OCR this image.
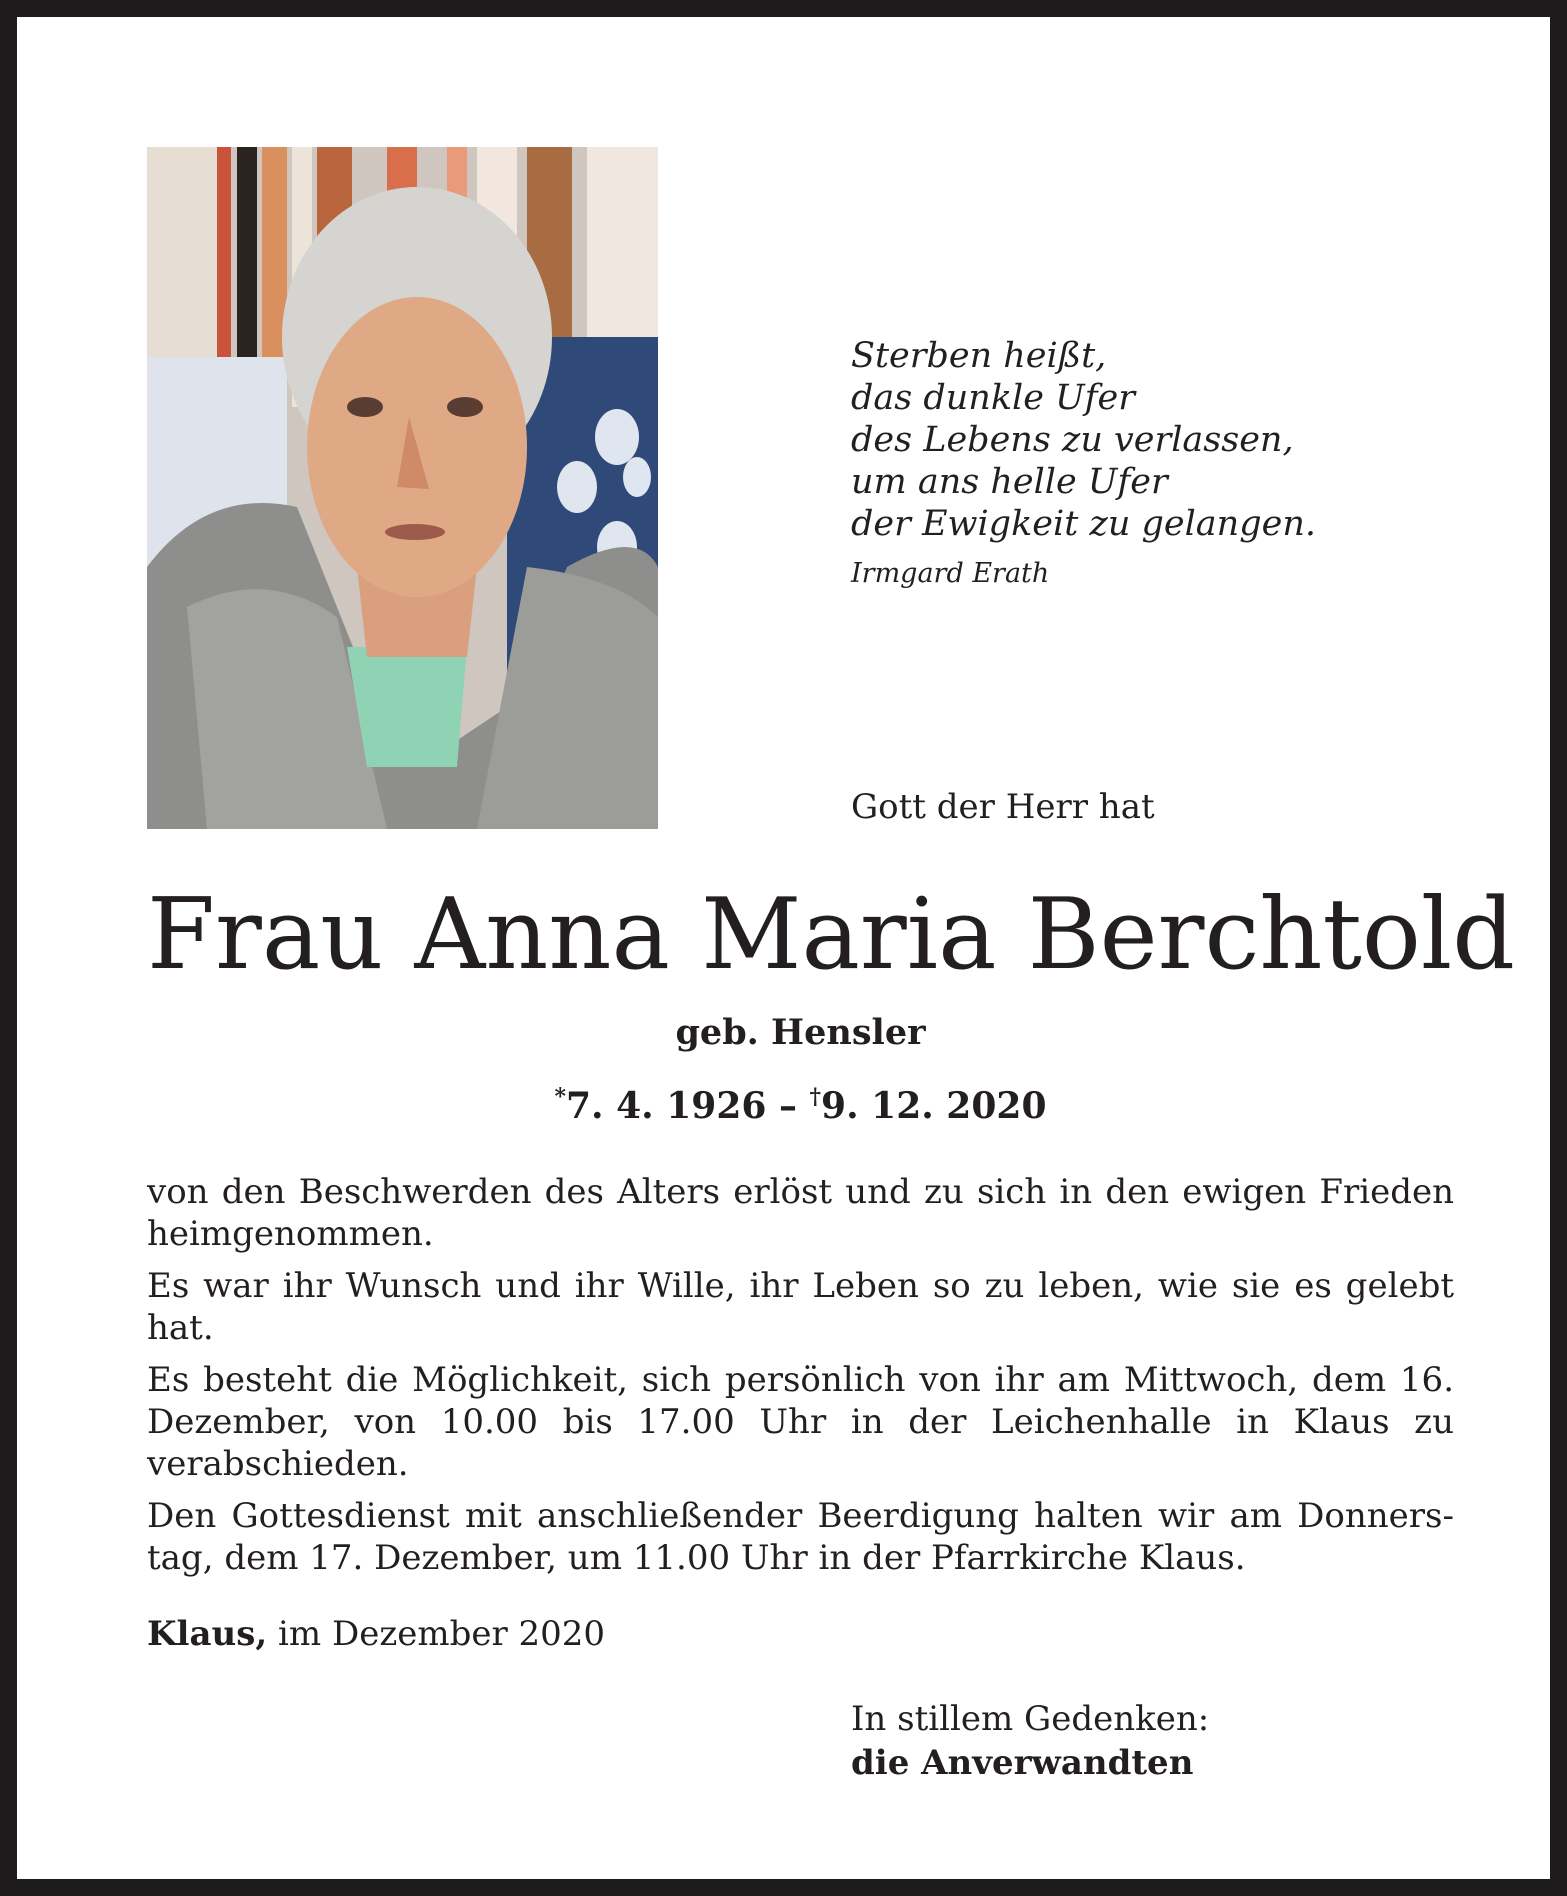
Sterben heißt,
das dunkle Ufer
des Lebens zu verlassen,
um ans helle Ufer
der Ewigkeit zu gelangen.
Irmgard Erath
Gott der Herr hat
Frau Anna Maria Berchtold
geb. Hensler
*7. 4. 1926 – †9. 12. 2020

von den Beschwerden des Alters erlöst und zu sich in den ewigen Frieden heimgenommen.

Es war ihr Wunsch und ihr Wille, ihr Leben so zu leben, wie sie es gelebt hat.

Es besteht die Möglichkeit, sich persönlich von ihr am Mittwoch, dem 16. Dezember, von 10.00 bis 17.00 Uhr in der Leichenhalle in Klaus zu verabschieden.

Den Gottesdienst mit anschließender Beerdigung halten wir am Donnerstag, dem 17. Dezember, um 11.00 Uhr in der Pfarrkirche Klaus.

Klaus, im Dezember 2020
In stillem Gedenken:
die Anverwandten
